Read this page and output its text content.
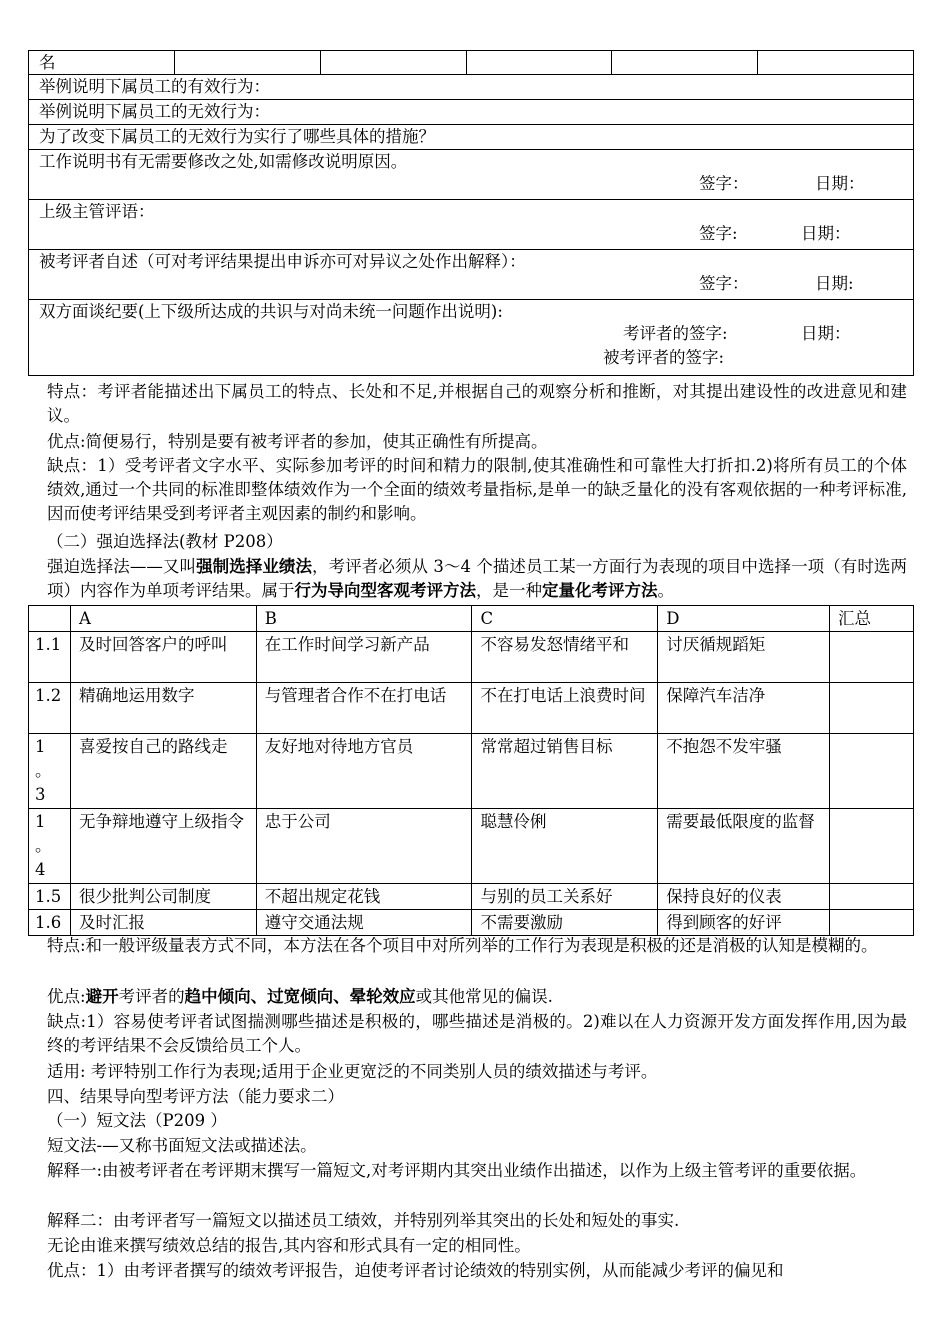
名					
举例说明下属员工的有效行为：
举例说明下属员工的无效行为：
为了改变下属员工的无效行为实行了哪些具体的措施？

工作说明书有无需要修改之处,如需修改说明原因。
签字：	日期：

上级主管评语：
签字:	日期：

被考评者自述（可对考评结果提出申诉亦可对异议之处作出解释）：
签字：	日期:

双方面谈纪要(上下级所达成的共识与对尚未统一问题作出说明):
考评者的签字:	日期：
被考评者的签字:
特点：考评者能描述出下属员工的特点、长处和不足,并根据自己的观察分析和推断，对其提出建设性的改进意见和建议。
优点:简便易行，特别是要有被考评者的参加，使其正确性有所提高。
缺点：1）受考评者文字水平、实际参加考评的时间和精力的限制,使其准确性和可靠性大打折扣.2)将所有员工的个体绩效,通过一个共同的标准即整体绩效作为一个全面的绩效考量指标,是单一的缺乏量化的没有客观依据的一种考评标准,因而使考评结果受到考评者主观因素的制约和影响。
（二）强迫选择法(教材 P208）
强迫选择法——又叫强制选择业绩法，考评者必须从 3～4 个描述员工某一方面行为表现的项目中选择一项（有时选两项）内容作为单项考评结果。属于行为导向型客观考评方法，是一种定量化考评方法。
	A	B	C	D	汇总
1.1	及时回答客户的呼叫	在工作时间学习新产品	不容易发怒情绪平和	讨厌循规蹈矩	
1.2	精确地运用数字	与管理者合作不在打电话	不在打电话上浪费时间	保障汽车洁净	
1
。
3	喜爱按自己的路线走	友好地对待地方官员	常常超过销售目标	不抱怨不发牢骚	
1
。
4	无争辩地遵守上级指令	忠于公司	聪慧伶俐	需要最低限度的监督	
1.5	很少批判公司制度	不超出规定花钱	与别的员工关系好	保持良好的仪表	
1.6	及时汇报	遵守交通法规	不需要激励	得到顾客的好评	
特点:和一般评级量表方式不同，本方法在各个项目中对所列举的工作行为表现是积极的还是消极的认知是模糊的。
优点:避开考评者的趋中倾向、过宽倾向、晕轮效应或其他常见的偏误.
缺点:1）容易使考评者试图揣测哪些描述是积极的，哪些描述是消极的。2)难以在人力资源开发方面发挥作用,因为最终的考评结果不会反馈给员工个人。
适用: 考评特别工作行为表现;适用于企业更宽泛的不同类别人员的绩效描述与考评。
四、结果导向型考评方法（能力要求二）
（一）短文法（P209 ）
短文法-—又称书面短文法或描述法。
解释一:由被考评者在考评期末撰写一篇短文,对考评期内其突出业绩作出描述，以作为上级主管考评的重要依据。
解释二：由考评者写一篇短文以描述员工绩效，并特别列举其突出的长处和短处的事实.
无论由谁来撰写绩效总结的报告,其内容和形式具有一定的相同性。
优点：1）由考评者撰写的绩效考评报告，迫使考评者讨论绩效的特别实例，从而能减少考评的偏见和
